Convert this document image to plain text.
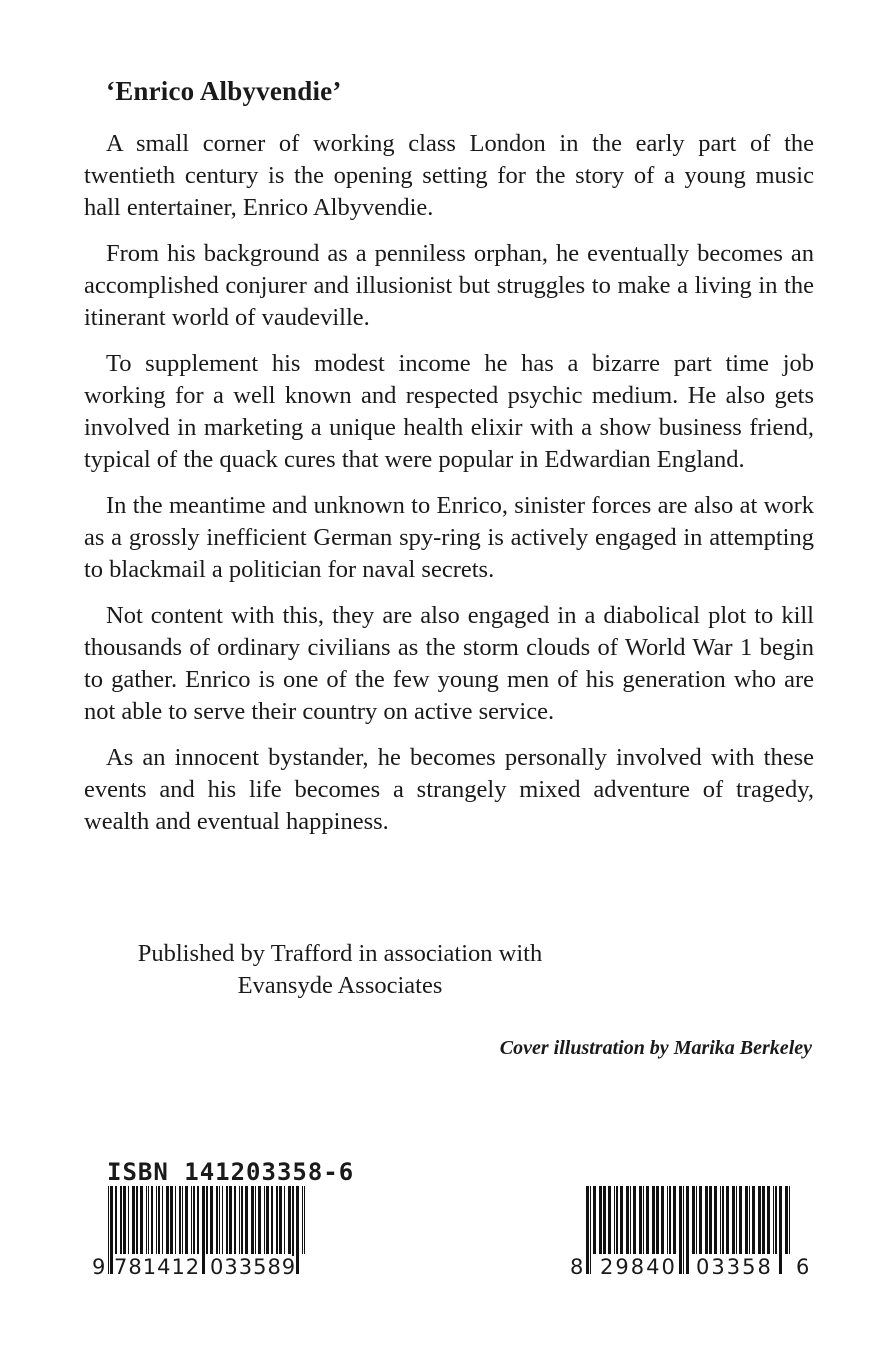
‘Enrico Albyvendie’

A small corner of working class London in the early part of the twentieth century is the opening setting for the story of a young music hall entertainer, Enrico Albyvendie.

From his background as a penniless orphan, he eventually becomes an accomplished conjurer and illusionist but struggles to make a living in the itinerant world of vaudeville.

To supplement his modest income he has a bizarre part time job working for a well known and respected psychic medium. He also gets involved in marketing a unique health elixir with a show business friend, typical of the quack cures that were popular in Edwardian England.

In the meantime and unknown to Enrico, sinister forces are also at work as a grossly inefficient German spy-ring is actively engaged in attempting to blackmail a politician for naval secrets.

Not content with this, they are also engaged in a diabolical plot to kill thousands of ordinary civilians as the storm clouds of World War 1 begin to gather. Enrico is one of the few young men of his generation who are not able to serve their country on active service.

As an innocent bystander, he becomes personally involved with these events and his life becomes a strangely mixed adventure of tragedy, wealth and eventual happiness.

Published by Trafford in association with
Evansyde Associates
Cover illustration by Marika Berkeley
ISBN 141203358-6
9 781412 033589	8 29840 03358 6
